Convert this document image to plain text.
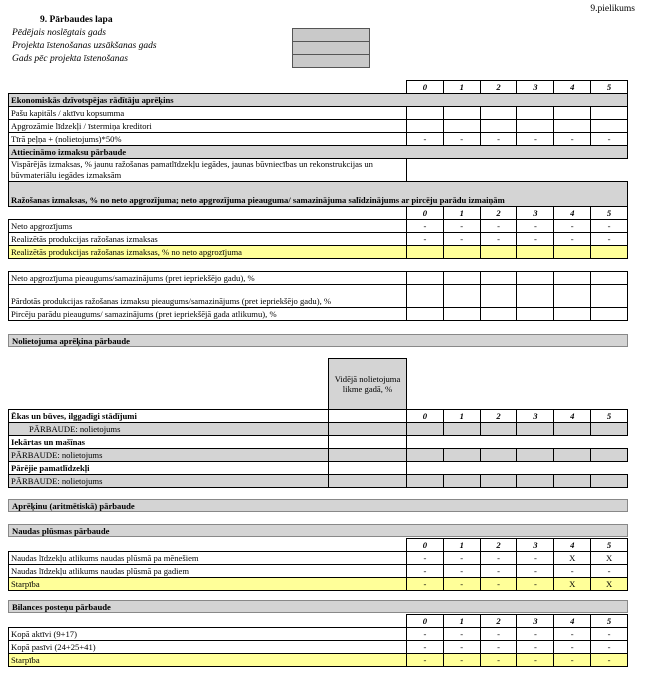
9.pielikums
9. Pārbaudes lapa
Pēdējais noslēgtais gads
Projekta īstenošanas uzsākšanas gads
Gads pēc projekta īstenošanas
	0	1	2	3	4	5
Ekonomiskās dzīvotspējas rādītāju aprēķins						
Pašu kapitāls / aktīvu kopsumma						
Apgrozāmie līdzekļi / īstermiņa kreditori						
Tīrā peļņa + (nolietojums)*50%	-	-	-	-	-	-
Attiecināmo izmaksu pārbaude						
Vispārējās izmaksas, % jaunu ražošanas pamatlīdzekļu iegādes, jaunas būvniecības un rekonstrukcijas un būvmateriālu iegādes izmaksām						
Ražošanas izmaksas, % no neto apgrozījuma; neto apgrozījuma pieauguma/ samazinājuma salīdzinājums ar pircēju parādu izmaiņām						
	0	1	2	3	4	5
Neto apgrozījums	-	-	-	-	-	-
Realizētās produkcijas ražošanas izmaksas	-	-	-	-	-	-
Realizētās produkcijas ražošanas izmaksas, % no neto apgrozījuma						

Neto apgrozījuma pieaugums/samazinājums (pret iepriekšējo gadu), %						
Pārdotās produkcijas ražošanas izmaksu pieaugums/samazinājums (pret iepriekšējo gadu), %						
Pircēju parādu pieaugums/ samazinājums (pret iepriekšējā gada atlikumu), %						
Nolietojuma aprēķina pārbaude
	Vidējā nolietojuma likme gadā, %						
Ēkas un būves, ilggadīgi stādījumi		0	1	2	3	4	5
PĀRBAUDE: nolietojums							
Iekārtas un mašīnas							
PĀRBAUDE: nolietojums							
Pārējie pamatlīdzekļi							
PĀRBAUDE: nolietojums							
Aprēķinu (aritmētiskā) pārbaude
Naudas plūsmas pārbaude
	0	1	2	3	4	5
Naudas līdzekļu atlikums naudas plūsmā pa mēnešiem	-	-	-	-	X	X
Naudas līdzekļu atlikums naudas plūsmā pa gadiem	-	-	-	-	-	-
Starpība	-	-	-	-	X	X
Bilances posteņu pārbaude
	0	1	2	3	4	5
Kopā aktīvi (9+17)	-	-	-	-	-	-
Kopā pasīvi (24+25+41)	-	-	-	-	-	-
Starpība	-	-	-	-	-	-
